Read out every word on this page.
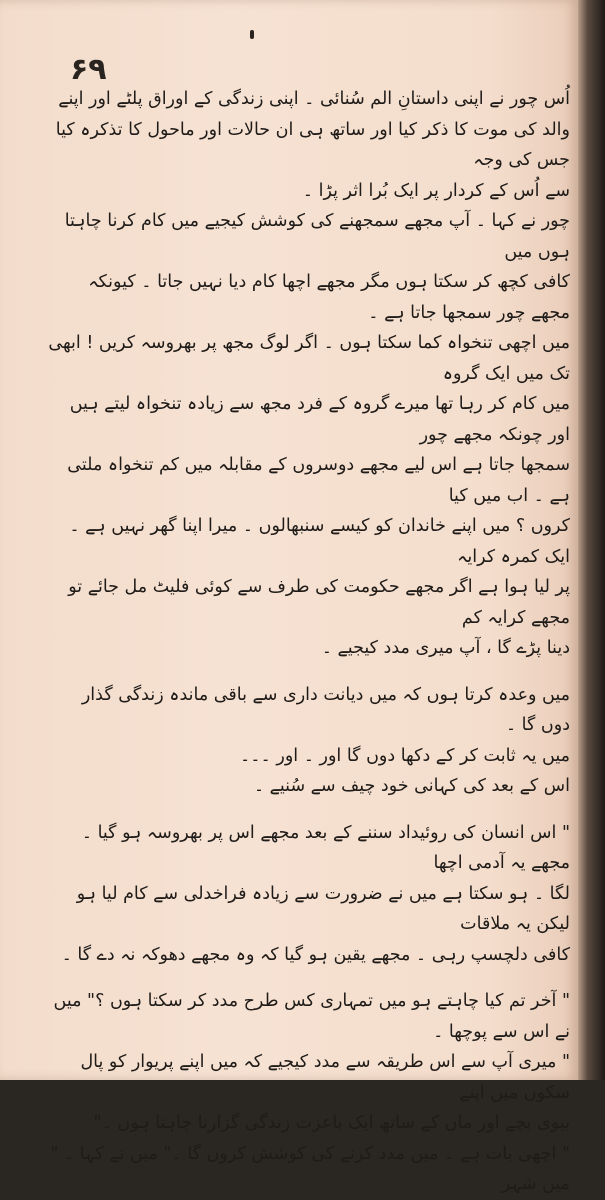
۶۹

اُس چور نے اپنی داستانِ الم سُنائی ۔ اپنی زندگی کے اوراق پلٹے اور اپنے

والد کی موت کا ذکر کیا اور ساتھ ہی ان حالات اور ماحول کا تذکرہ کیا جس کی وجہ

سے اُس کے کردار پر ایک بُرا اثر پڑا ۔

چور نے کہا ۔ آپ مجھے سمجھنے کی کوشش کیجیے میں کام کرنا چاہتا ہوں میں

کافی کچھ کر سکتا ہوں مگر مجھے اچھا کام دیا نہیں جاتا ۔ کیونکہ مجھے چور سمجھا جاتا ہے ۔

میں اچھی تنخواہ کما سکتا ہوں ۔ اگر لوگ مجھ پر بھروسہ کریں ! ابھی تک میں ایک گروہ

میں کام کر رہا تھا میرے گروہ کے فرد مجھ سے زیادہ تنخواہ لیتے ہیں اور چونکہ مجھے چور

سمجھا جاتا ہے اس لیے مجھے دوسروں کے مقابلہ میں کم تنخواہ ملتی ہے ۔ اب میں کیا

کروں ؟ میں اپنے خاندان کو کیسے سنبھالوں ۔ میرا اپنا گھر نہیں ہے ۔ ایک کمرہ کرایہ

پر لیا ہوا ہے اگر مجھے حکومت کی طرف سے کوئی فلیٹ مل جائے تو مجھے کرایہ کم

دینا پڑے گا ، آپ میری مدد کیجیے ۔

میں وعدہ کرتا ہوں کہ میں دیانت داری سے باقی ماندہ زندگی گذار دوں گا ۔

میں یہ ثابت کر کے دکھا دوں گا اور ۔ اور ۔۔۔

اس کے بعد کی کہانی خود چیف سے سُنیے ۔

" اس انسان کی روئیداد سننے کے بعد مجھے اس پر بھروسہ ہو گیا ۔ مجھے یہ آدمی اچھا

لگا ۔ ہو سکتا ہے میں نے ضرورت سے زیادہ فراخدلی سے کام لیا ہو لیکن یہ ملاقات

کافی دلچسپ رہی ۔ مجھے یقین ہو گیا کہ وہ مجھے دھوکہ نہ دے گا ۔

" آخر تم کیا چاہتے ہو میں تمہاری کس طرح مدد کر سکتا ہوں ؟" میں نے اس سے پوچھا ۔

" میری آپ سے اس طریقہ سے مدد کیجیے کہ میں اپنے پریوار کو پال سکوں میں اپنے

بیوی بچے اور ماں کے ساتھ ایک باعزت زندگی گزارنا چاہتا ہوں ۔"

" اچھی بات ہے ۔ میں مدد کرنے کی کوشش کروں گا ۔" میں نے کہا ۔ " میں شہر
